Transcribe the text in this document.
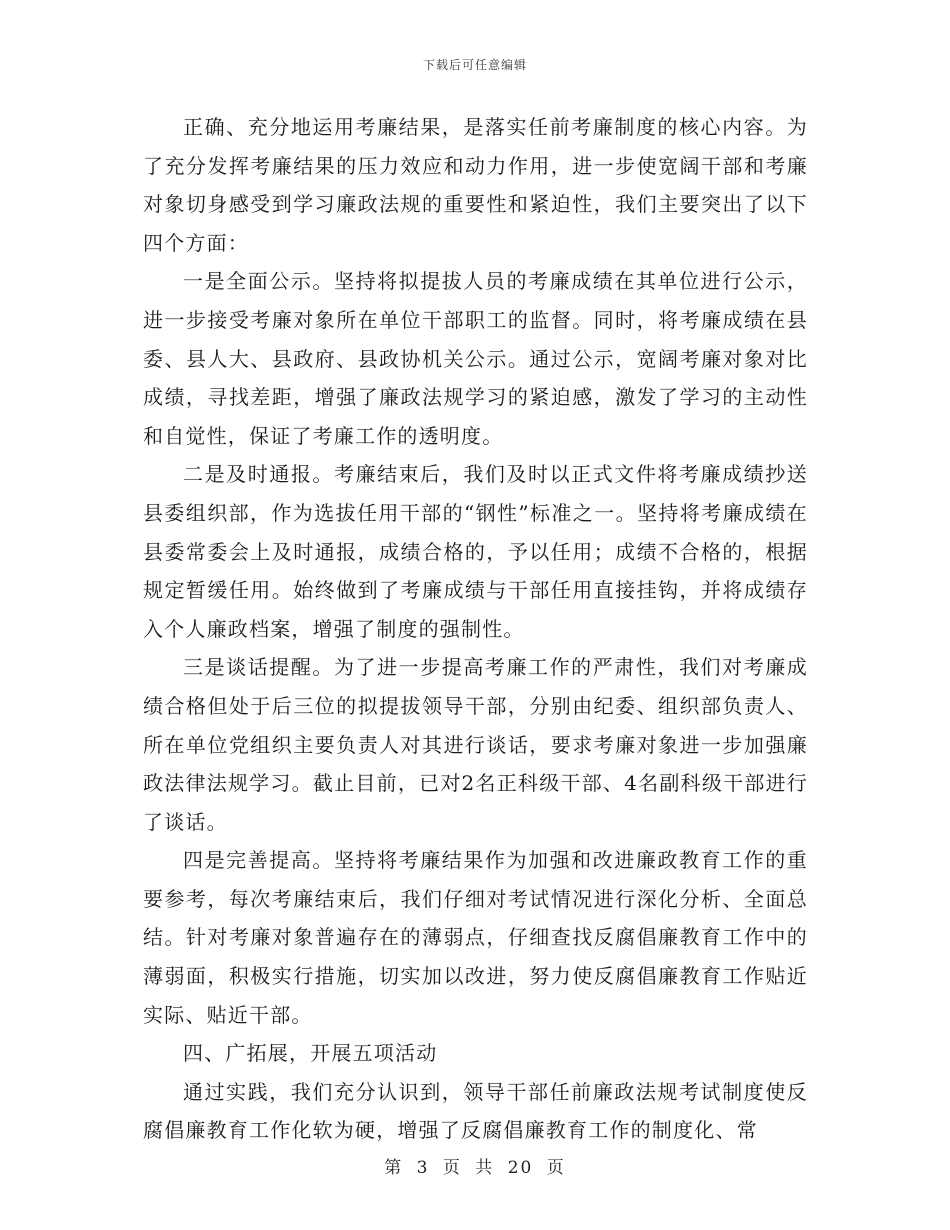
下载后可任意编辑

正确、充分地运用考廉结果，是落实任前考廉制度的核心内容。为了充分发挥考廉结果的压力效应和动力作用，进一步使宽阔干部和考廉对象切身感受到学习廉政法规的重要性和紧迫性，我们主要突出了以下四个方面：

一是全面公示。坚持将拟提拔人员的考廉成绩在其单位进行公示，进一步接受考廉对象所在单位干部职工的监督。同时，将考廉成绩在县委、县人大、县政府、县政协机关公示。通过公示，宽阔考廉对象对比成绩，寻找差距，增强了廉政法规学习的紧迫感，激发了学习的主动性和自觉性，保证了考廉工作的透明度。

二是及时通报。考廉结束后，我们及时以正式文件将考廉成绩抄送县委组织部，作为选拔任用干部的“钢性”标准之一。坚持将考廉成绩在县委常委会上及时通报，成绩合格的，予以任用；成绩不合格的，根据规定暂缓任用。始终做到了考廉成绩与干部任用直接挂钩，并将成绩存入个人廉政档案，增强了制度的强制性。

三是谈话提醒。为了进一步提高考廉工作的严肃性，我们对考廉成绩合格但处于后三位的拟提拔领导干部，分别由纪委、组织部负责人、所在单位党组织主要负责人对其进行谈话，要求考廉对象进一步加强廉政法律法规学习。截止目前，已对2名正科级干部、4名副科级干部进行了谈话。

四是完善提高。坚持将考廉结果作为加强和改进廉政教育工作的重要参考，每次考廉结束后，我们仔细对考试情况进行深化分析、全面总结。针对考廉对象普遍存在的薄弱点，仔细查找反腐倡廉教育工作中的薄弱面，积极实行措施，切实加以改进，努力使反腐倡廉教育工作贴近实际、贴近干部。

四、广拓展，开展五项活动

通过实践，我们充分认识到，领导干部任前廉政法规考试制度使反腐倡廉教育工作化软为硬，增强了反腐倡廉教育工作的制度化、常

第 3 页 共 20 页
